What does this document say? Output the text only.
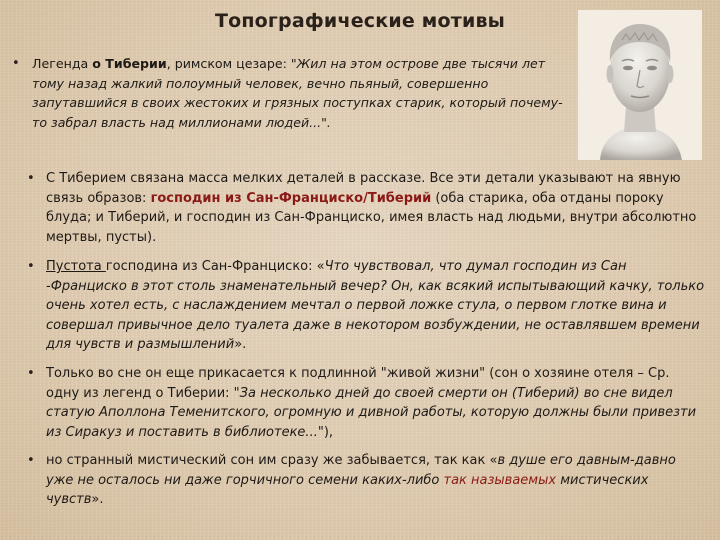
Топографические мотивы
• Легенда о Тиберии, римском цезаре: "Жил на этом острове две тысячи лет тому назад жалкий полоумный человек, вечно пьяный, совершенно запутавшийся в своих жестоких и грязных поступках старик, который почему-то забрал власть над миллионами людей...".

• С Тиберием связана масса мелких деталей в рассказе. Все эти детали указывают на явную связь образов: господин из Сан-Франциско/Тиберий (оба старика, оба отданы пороку блуда; и Тиберий, и господин из Сан-Франциско, имея власть над людьми, внутри абсолютно мертвы, пусты).

• Пустота господина из Сан-Франциско: «Что чувствовал, что думал господин из Сан -Франциско в этот столь знаменательный вечер? Он, как всякий испытывающий качку, только очень хотел есть, с наслаждением мечтал о первой ложке стула, о первом глотке вина и совершал привычное дело туалета даже в некотором возбуждении, не оставлявшем времени для чувств и размышлений».

• Только во сне он еще прикасается к подлинной "живой жизни" (сон о хозяине отеля – Ср. одну из легенд о Тиберии: "За несколько дней до своей смерти он (Тиберий) во сне видел статую Аполлона Теменитского, огромную и дивной работы, которую должны были привезти из Сиракуз и поставить в библиотеке..."),

• но странный мистический сон им сразу же забывается, так как «в душе его давным-давно уже не осталось ни даже горчичного семени каких-либо так называемых мистических чувств».
